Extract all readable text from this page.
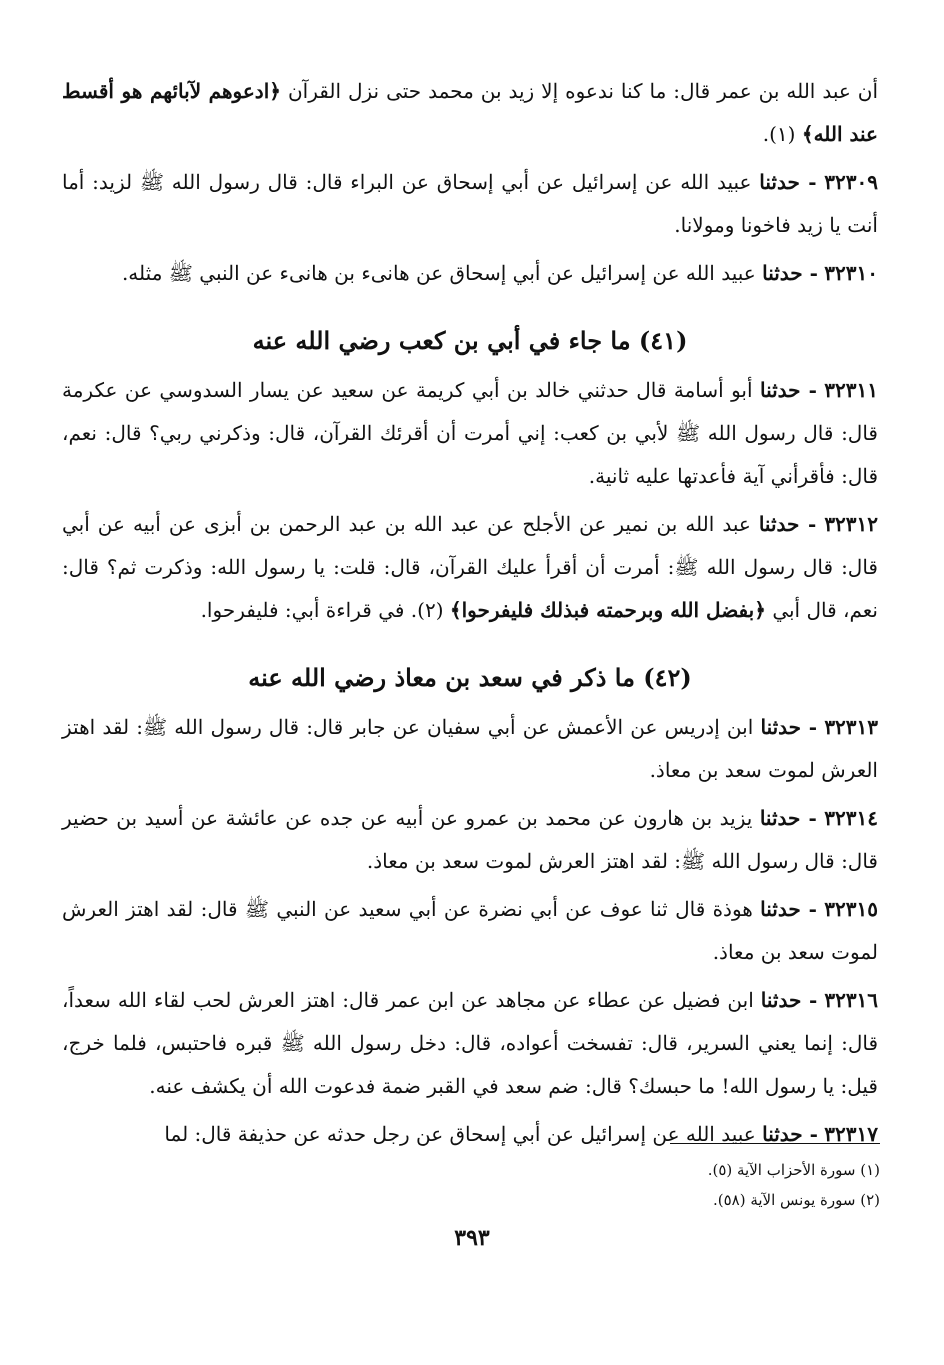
أن عبد الله بن عمر قال: ما كنا ندعوه إلا زيد بن محمد حتى نزل القرآن ﴿ادعوهم لآبائهم هو أقسط عند الله﴾ (١).

٣٢٣٠٩ - حدثنا عبيد الله عن إسرائيل عن أبي إسحاق عن البراء قال: قال رسول الله ﷺ لزيد: أما أنت يا زيد فاخونا ومولانا.

٣٢٣١٠ - حدثنا عبيد الله عن إسرائيل عن أبي إسحاق عن هانىء بن هانىء عن النبي ﷺ مثله.

(٤١) ما جاء في أبي بن كعب رضي الله عنه

٣٢٣١١ - حدثنا أبو أسامة قال حدثني خالد بن أبي كريمة عن سعيد عن يسار السدوسي عن عكرمة قال: قال رسول الله ﷺ لأبي بن كعب: إني أمرت أن أقرئك القرآن، قال: وذكرني ربي؟ قال: نعم، قال: فأقرأني آية فأعدتها عليه ثانية.

٣٢٣١٢ - حدثنا عبد الله بن نمير عن الأجلح عن عبد الله بن عبد الرحمن بن أبزى عن أبيه عن أبي قال: قال رسول الله ﷺ: أمرت أن أقرأ عليك القرآن، قال: قلت: يا رسول الله: وذكرت ثم؟ قال: نعم، قال أبي ﴿بفضل الله وبرحمته فبذلك فليفرحوا﴾ (٢). في قراءة أبي: فليفرحوا.

(٤٢) ما ذكر في سعد بن معاذ رضي الله عنه

٣٢٣١٣ - حدثنا ابن إدريس عن الأعمش عن أبي سفيان عن جابر قال: قال رسول الله ﷺ: لقد اهتز العرش لموت سعد بن معاذ.

٣٢٣١٤ - حدثنا يزيد بن هارون عن محمد بن عمرو عن أبيه عن جده عن عائشة عن أسيد بن حضير قال: قال رسول الله ﷺ: لقد اهتز العرش لموت سعد بن معاذ.

٣٢٣١٥ - حدثنا هوذة قال ثنا عوف عن أبي نضرة عن أبي سعيد عن النبي ﷺ قال: لقد اهتز العرش لموت سعد بن معاذ.

٣٢٣١٦ - حدثنا ابن فضيل عن عطاء عن مجاهد عن ابن عمر قال: اهتز العرش لحب لقاء الله سعداً، قال: إنما يعني السرير، قال: تفسخت أعواده، قال: دخل رسول الله ﷺ قبره فاحتبس، فلما خرج، قيل: يا رسول الله! ما حبسك؟ قال: ضم سعد في القبر ضمة فدعوت الله أن يكشف عنه.

٣٢٣١٧ - حدثنا عبيد الله عن إسرائيل عن أبي إسحاق عن رجل حدثه عن حذيفة قال: لما

(١) سورة الأحزاب الآية (٥).
(٢) سورة يونس الآية (٥٨).
٣٩٣
